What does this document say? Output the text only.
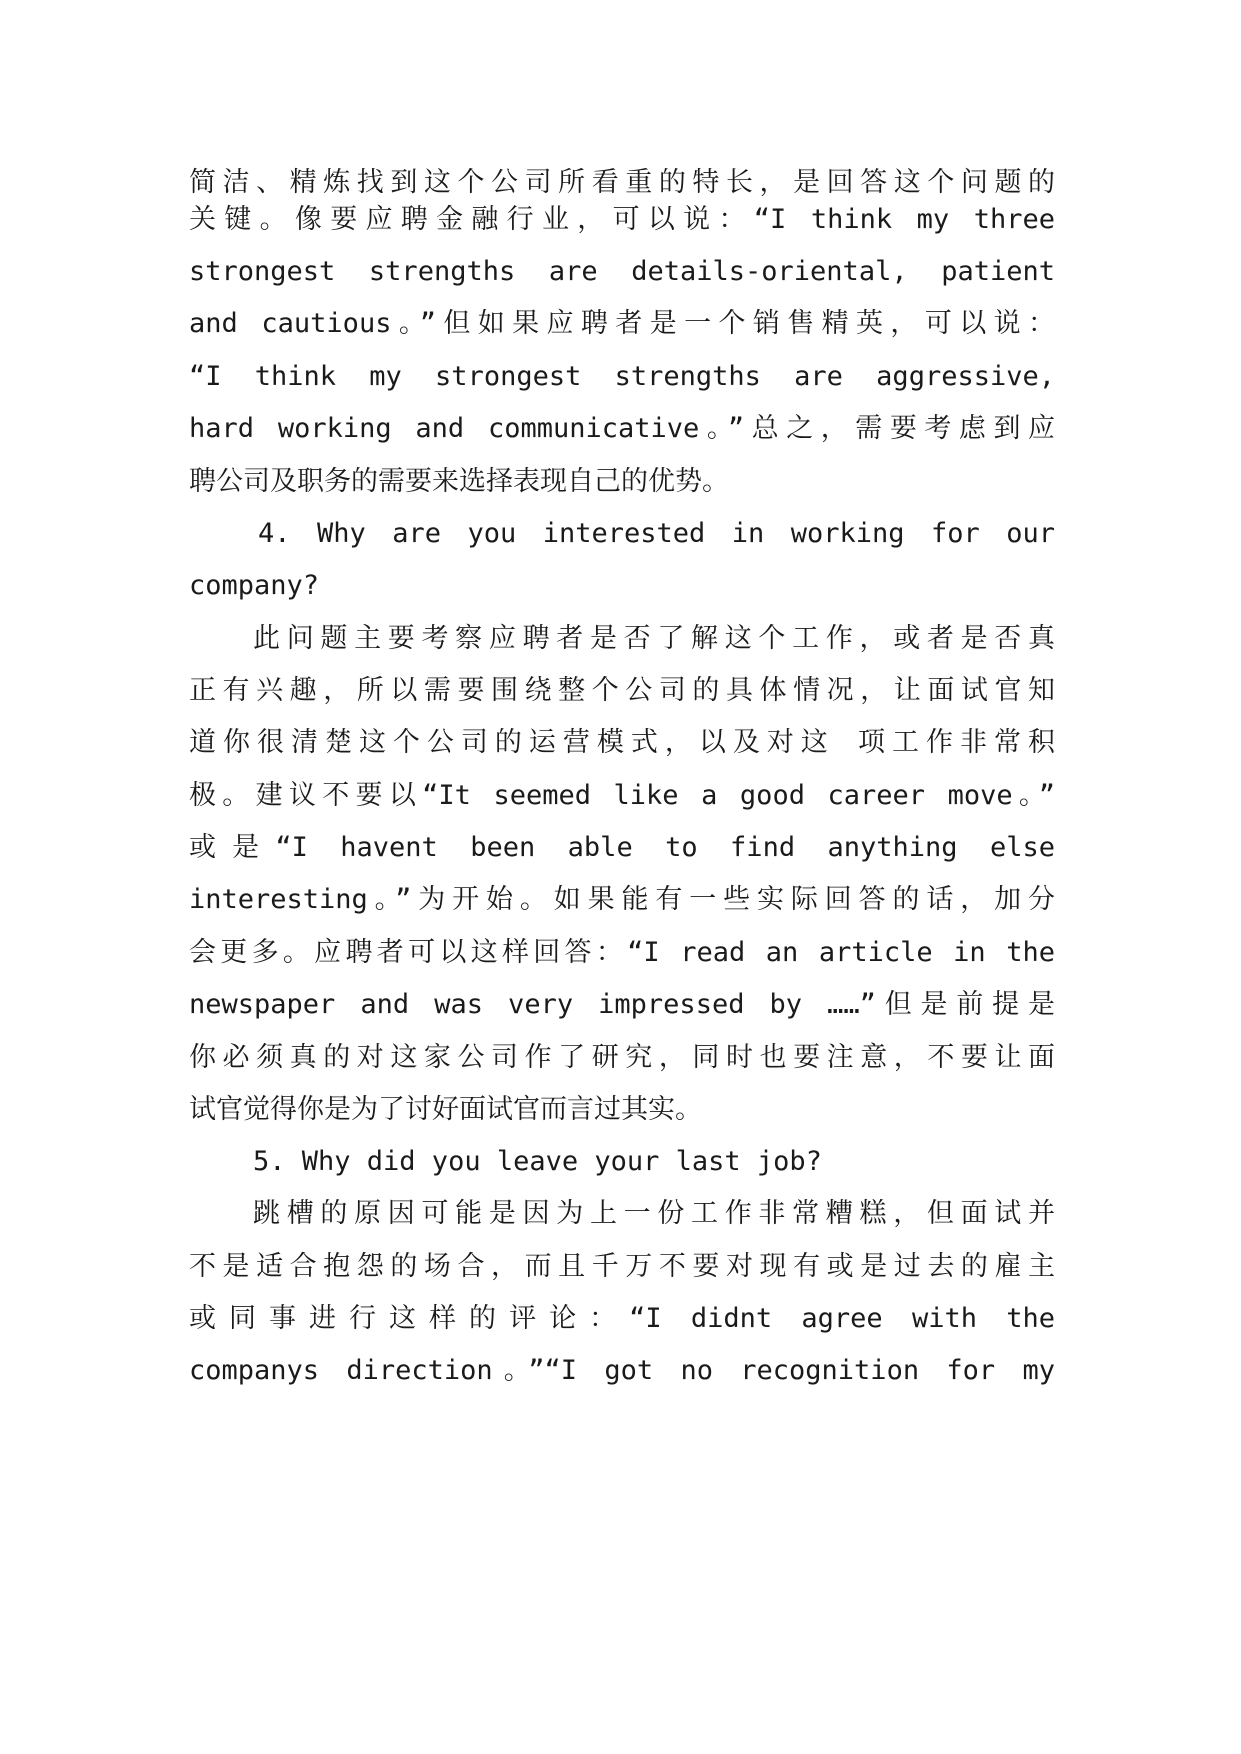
简洁、精炼找到这个公司所看重的特长，是回答这个问题的
关键。像要应聘金融行业，可以说：“I think my three
strongest strengths are details-oriental, patient
and cautious。”但如果应聘者是一个销售精英，可以说：
“I think my strongest strengths are aggressive,
hard working and communicative。”总之，需要考虑到应
聘公司及职务的需要来选择表现自己的优势。
4. Why are you interested in working for our
company?
此问题主要考察应聘者是否了解这个工作，或者是否真
正有兴趣，所以需要围绕整个公司的具体情况，让面试官知
道你很清楚这个公司的运营模式，以及对这 项工作非常积
极。建议不要以“It seemed like a good career move。”
或是“I havent been able to find anything else
interesting。”为开始。如果能有一些实际回答的话，加分
会更多。应聘者可以这样回答：“I read an article in the
newspaper and was very impressed by ……”但是前提是
你必须真的对这家公司作了研究，同时也要注意，不要让面
试官觉得你是为了讨好面试官而言过其实。
5. Why did you leave your last job?
跳槽的原因可能是因为上一份工作非常糟糕，但面试并
不是适合抱怨的场合，而且千万不要对现有或是过去的雇主
或同事进行这样的评论：“I didnt agree with the
companys direction。”“I got no recognition for my
